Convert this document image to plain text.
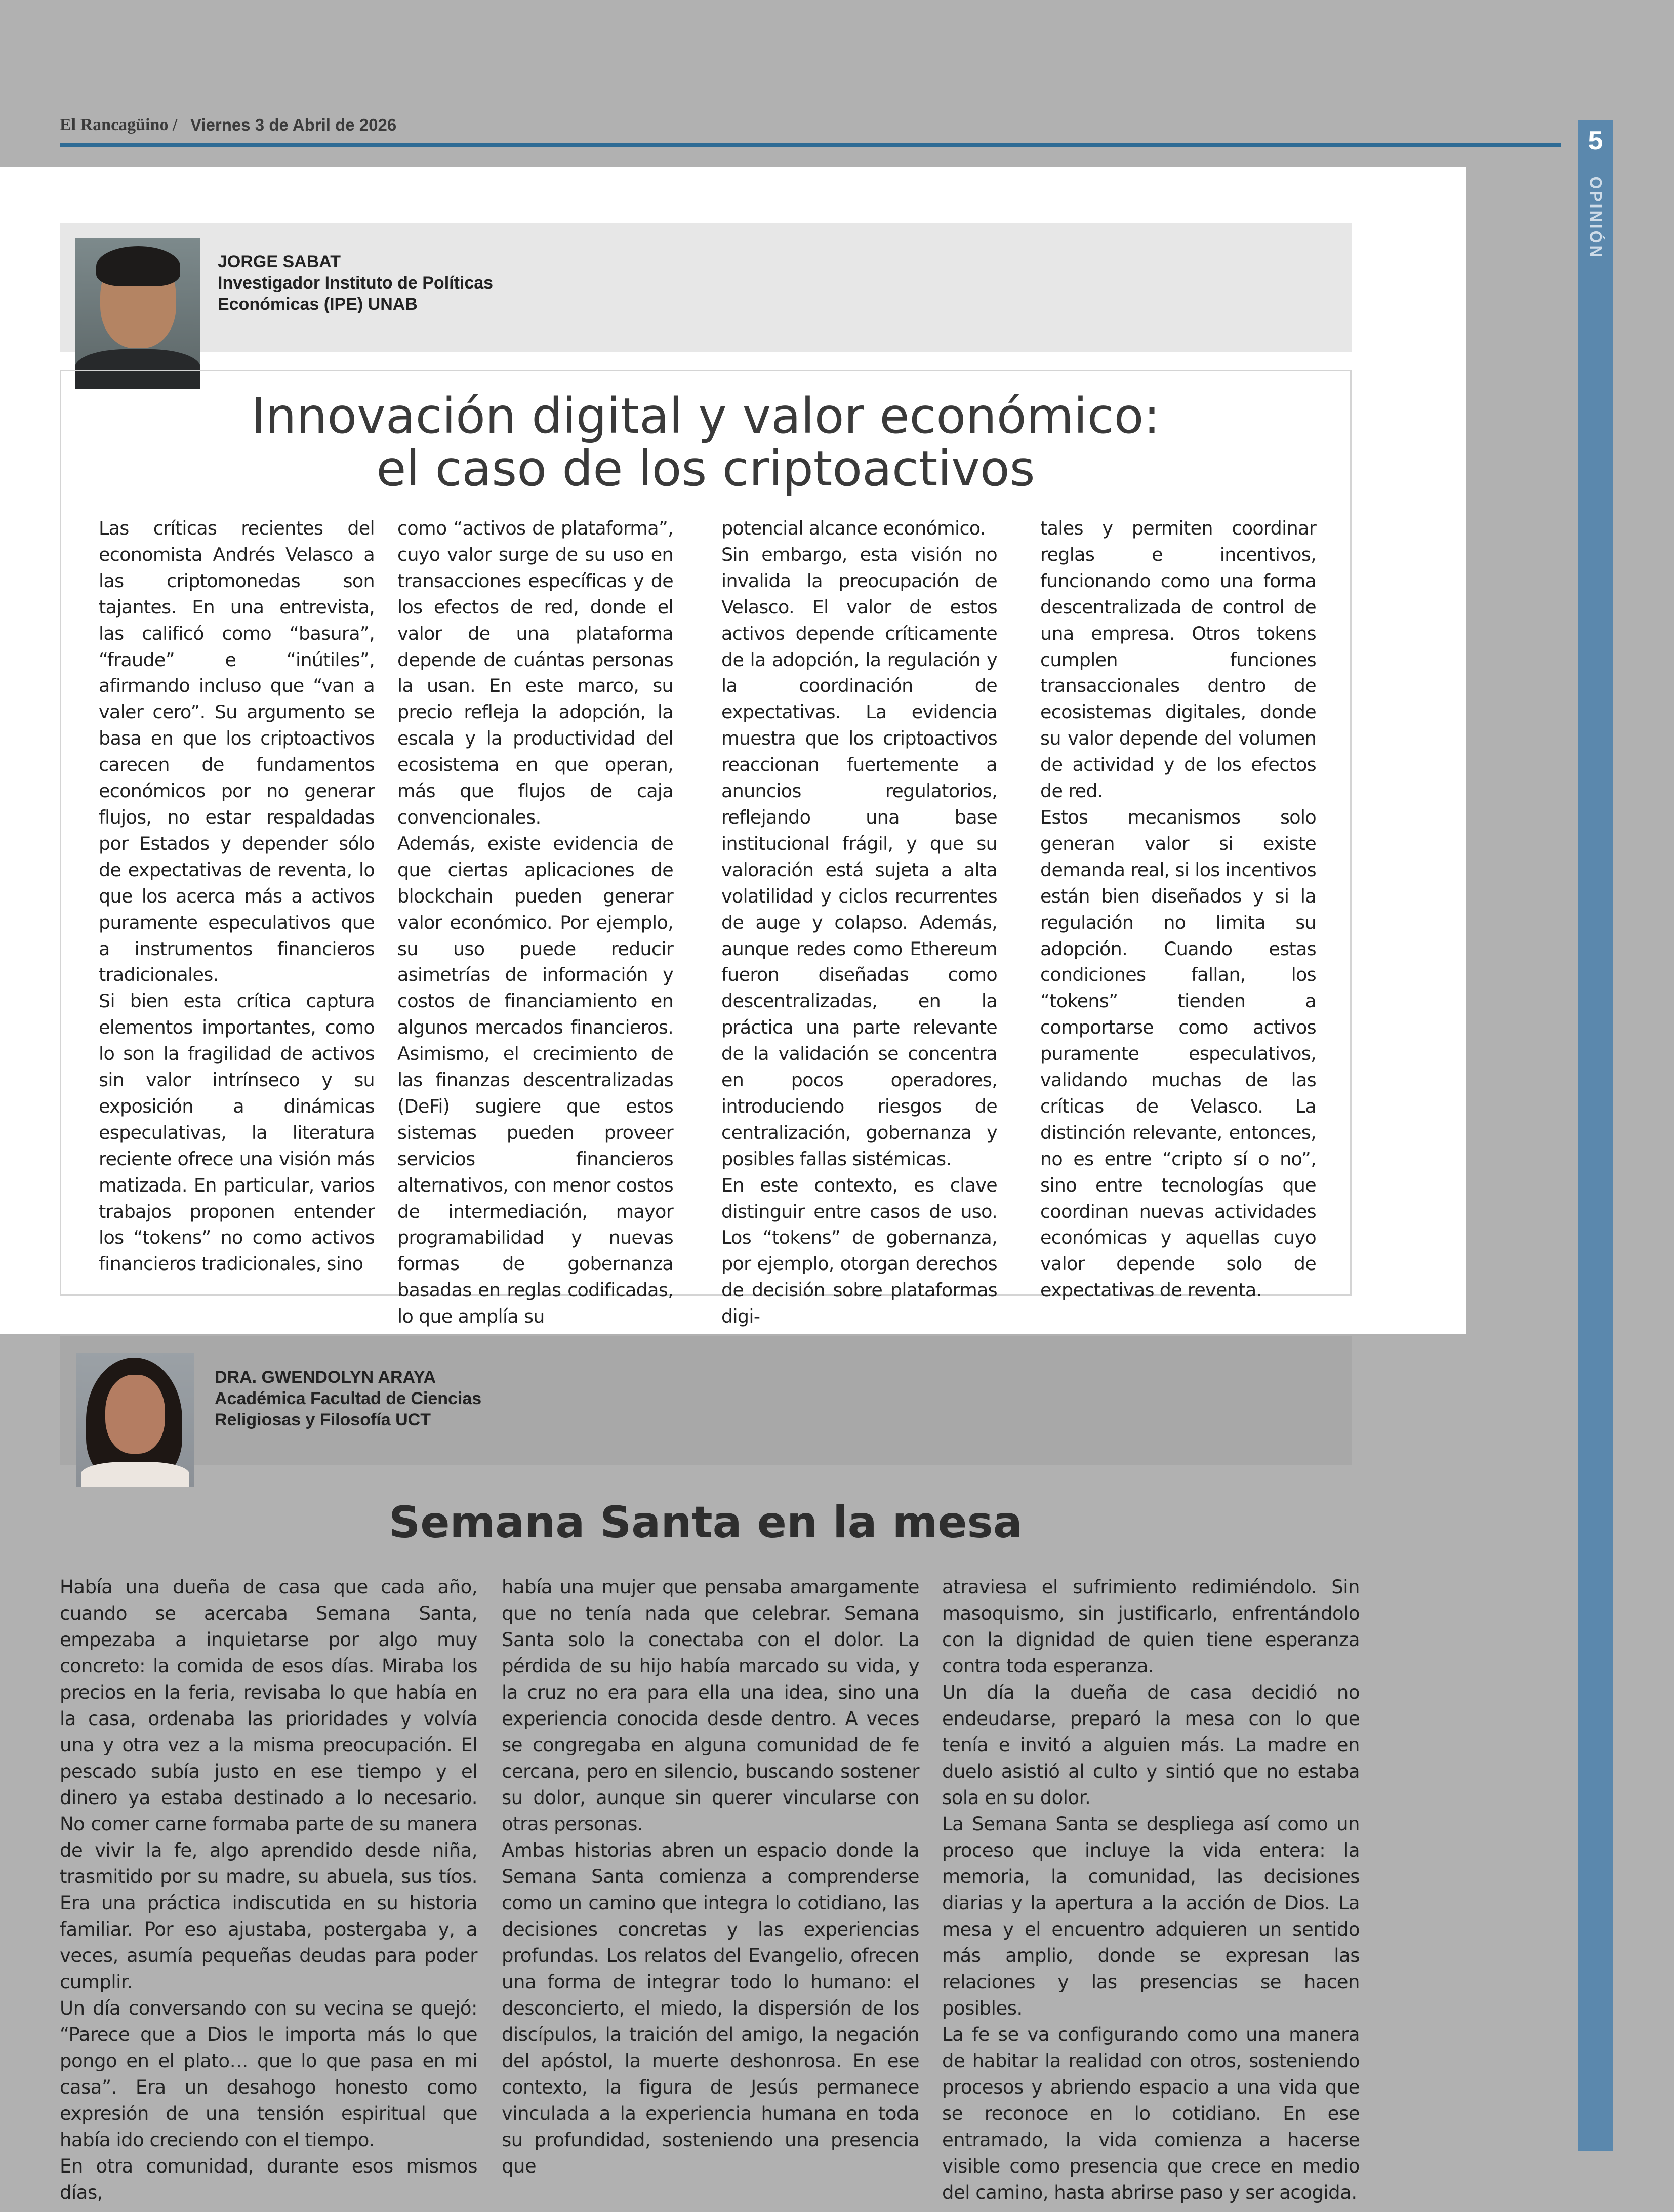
El Rancagüino / Viernes 3 de Abril de 2026
5
OPINIÓN
JORGE SABAT
Investigador Instituto de Políticas
Económicas (IPE) UNAB
Innovación digital y valor económico:
el caso de los criptoactivos

Las críticas recientes del economista Andrés Velasco a las criptomonedas son tajantes. En una entrevista, las calificó como “basura”, “fraude” e “inútiles”, afirmando incluso que “van a valer cero”. Su argumento se basa en que los criptoactivos carecen de fundamentos económicos por no generar flujos, no estar respaldadas por Estados y depender sólo de expectativas de reventa, lo que los acerca más a activos puramente especulativos que a instrumentos financieros tradicionales.

Si bien esta crítica captura elementos importantes, como lo son la fragilidad de activos sin valor intrínseco y su exposición a dinámicas especulativas, la literatura reciente ofrece una visión más matizada. En particular, varios trabajos proponen entender los “tokens” no como activos financieros tradicionales, sino

como “activos de plataforma”, cuyo valor surge de su uso en transacciones específicas y de los efectos de red, donde el valor de una plataforma depende de cuántas personas la usan. En este marco, su precio refleja la adopción, la escala y la productividad del ecosistema en que operan, más que flujos de caja convencionales.

Además, existe evidencia de que ciertas aplicaciones de blockchain pueden generar valor económico. Por ejemplo, su uso puede reducir asimetrías de información y costos de financiamiento en algunos mercados financieros. Asimismo, el crecimiento de las finanzas descentralizadas (DeFi) sugiere que estos sistemas pueden proveer servicios financieros alternativos, con menor costos de intermediación, mayor programabilidad y nuevas formas de gobernanza basadas en reglas codificadas, lo que amplía su

potencial alcance económico.

Sin embargo, esta visión no invalida la preocupación de Velasco. El valor de estos activos depende críticamente de la adopción, la regulación y la coordinación de expectativas. La evidencia muestra que los criptoactivos reaccionan fuertemente a anuncios regulatorios, reflejando una base institucional frágil, y que su valoración está sujeta a alta volatilidad y ciclos recurrentes de auge y colapso. Además, aunque redes como Ethereum fueron diseñadas como descentralizadas, en la práctica una parte relevante de la validación se concentra en pocos operadores, introduciendo riesgos de centralización, gobernanza y posibles fallas sistémicas.

En este contexto, es clave distinguir entre casos de uso. Los “tokens” de gobernanza, por ejemplo, otorgan derechos de decisión sobre plataformas digi-

tales y permiten coordinar reglas e incentivos, funcionando como una forma descentralizada de control de una empresa. Otros tokens cumplen funciones transaccionales dentro de ecosistemas digitales, donde su valor depende del volumen de actividad y de los efectos de red.

Estos mecanismos solo generan valor si existe demanda real, si los incentivos están bien diseñados y si la regulación no limita su adopción. Cuando estas condiciones fallan, los “tokens” tienden a comportarse como activos puramente especulativos, validando muchas de las críticas de Velasco. La distinción relevante, entonces, no es entre “cripto sí o no”, sino entre tecnologías que coordinan nuevas actividades económicas y aquellas cuyo valor depende solo de expectativas de reventa.

DRA. GWENDOLYN ARAYA
Académica Facultad de Ciencias
Religiosas y Filosofía UCT
Semana Santa en la mesa

Había una dueña de casa que cada año, cuando se acercaba Semana Santa, empezaba a inquietarse por algo muy concreto: la comida de esos días. Miraba los precios en la feria, revisaba lo que había en la casa, ordenaba las prioridades y volvía una y otra vez a la misma preocupación. El pescado subía justo en ese tiempo y el dinero ya estaba destinado a lo necesario. No comer carne formaba parte de su manera de vivir la fe, algo aprendido desde niña, trasmitido por su madre, su abuela, sus tíos. Era una práctica indiscutida en su historia familiar. Por eso ajustaba, postergaba y, a veces, asumía pequeñas deudas para poder cumplir.

Un día conversando con su vecina se quejó: “Parece que a Dios le importa más lo que pongo en el plato… que lo que pasa en mi casa”. Era un desahogo honesto como expresión de una tensión espiritual que había ido creciendo con el tiempo.

En otra comunidad, durante esos mismos días,

había una mujer que pensaba amargamente que no tenía nada que celebrar. Semana Santa solo la conectaba con el dolor. La pérdida de su hijo había marcado su vida, y la cruz no era para ella una idea, sino una experiencia conocida desde dentro. A veces se congregaba en alguna comunidad de fe cercana, pero en silencio, buscando sostener su dolor, aunque sin querer vincularse con otras personas.

Ambas historias abren un espacio donde la Semana Santa comienza a comprenderse como un camino que integra lo cotidiano, las decisiones concretas y las experiencias profundas. Los relatos del Evangelio, ofrecen una forma de integrar todo lo humano: el desconcierto, el miedo, la dispersión de los discípulos, la traición del amigo, la negación del apóstol, la muerte deshonrosa. En ese contexto, la figura de Jesús permanece vinculada a la experiencia humana en toda su profundidad, sosteniendo una presencia que

atraviesa el sufrimiento redimiéndolo. Sin masoquismo, sin justificarlo, enfrentándolo con la dignidad de quien tiene esperanza contra toda esperanza.

Un día la dueña de casa decidió no endeudarse, preparó la mesa con lo que tenía e invitó a alguien más. La madre en duelo asistió al culto y sintió que no estaba sola en su dolor.

La Semana Santa se despliega así como un proceso que incluye la vida entera: la memoria, la comunidad, las decisiones diarias y la apertura a la acción de Dios. La mesa y el encuentro adquieren un sentido más amplio, donde se expresan las relaciones y las presencias se hacen posibles.

La fe se va configurando como una manera de habitar la realidad con otros, sosteniendo procesos y abriendo espacio a una vida que se reconoce en lo cotidiano. En ese entramado, la vida comienza a hacerse visible como presencia que crece en medio del camino, hasta abrirse paso y ser acogida.
